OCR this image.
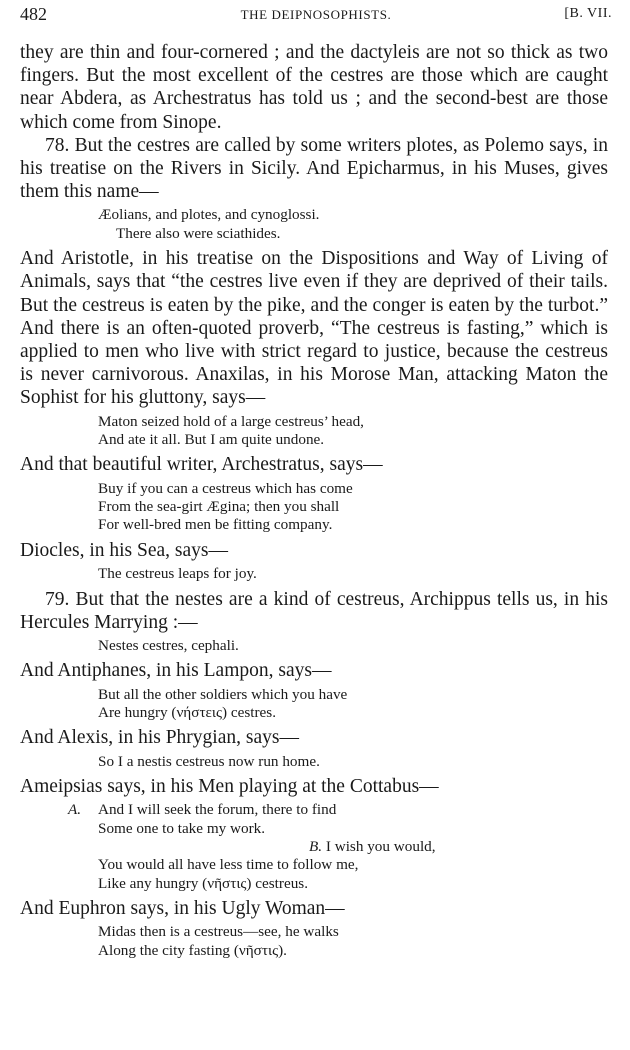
482	THE DEIPNOSOPHISTS.	[B. VII.

they are thin and four-cornered ; and the dactyleis are not so thick as two fingers. But the most excellent of the cestres are those which are caught near Abdera, as Archestratus has told us ; and the second-best are those which come from Sinope.

78. But the cestres are called by some writers plotes, as Polemo says, in his treatise on the Rivers in Sicily. And Epicharmus, in his Muses, gives them this name—

Æolians, and plotes, and cynoglossi.
There also were sciathides.

And Aristotle, in his treatise on the Dispositions and Way of Living of Animals, says that “the cestres live even if they are deprived of their tails. But the cestreus is eaten by the pike, and the conger is eaten by the turbot.” And there is an often-quoted proverb, “The cestreus is fasting,” which is applied to men who live with strict regard to justice, because the cestreus is never carnivorous. Anaxilas, in his Morose Man, attacking Maton the Sophist for his gluttony, says—

Maton seized hold of a large cestreus’ head,
And ate it all. But I am quite undone.

And that beautiful writer, Archestratus, says—

Buy if you can a cestreus which has come
From the sea-girt Ægina; then you shall
For well-bred men be fitting company.

Diocles, in his Sea, says—

The cestreus leaps for joy.

79. But that the nestes are a kind of cestreus, Archippus tells us, in his Hercules Marrying :—

Nestes cestres, cephali.

And Antiphanes, in his Lampon, says—

But all the other soldiers which you have
Are hungry (νήστεις) cestres.

And Alexis, in his Phrygian, says—

So I a nestis cestreus now run home.

Ameipsias says, in his Men playing at the Cottabus—

A. And I will seek the forum, there to find
Some one to take my work.
B. I wish you would,
You would all have less time to follow me,
Like any hungry (νῆστις) cestreus.

And Euphron says, in his Ugly Woman—

Midas then is a cestreus—see, he walks
Along the city fasting (νῆστις).
